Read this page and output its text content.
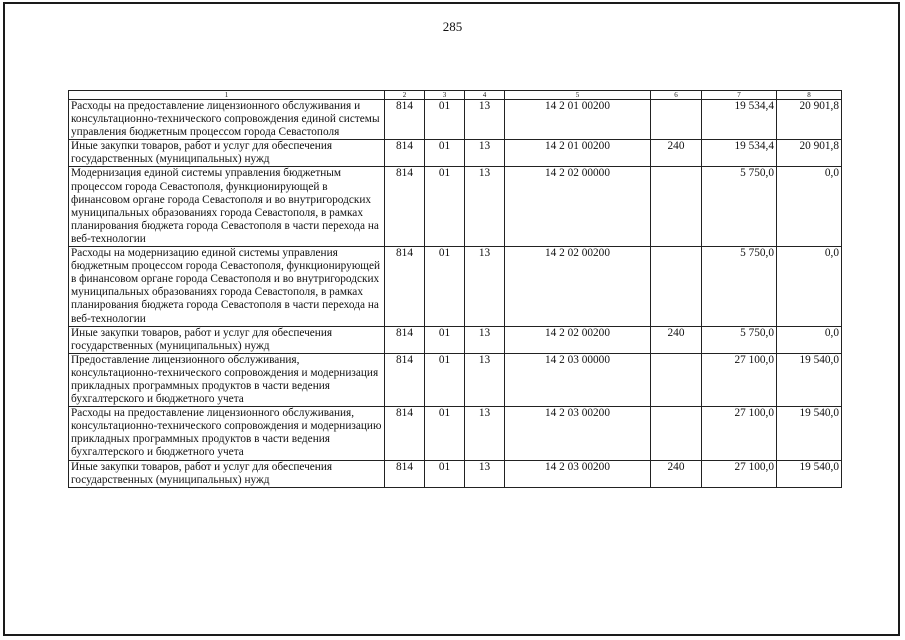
285
1	2	3	4	5	6	7	8
Расходы на предоставление лицензионного обслуживания и консультационно-технического сопровождения единой системы управления бюджетным процессом города Севастополя	814	01	13	14 2 01 00200		19 534,4	20 901,8
Иные закупки товаров, работ и услуг для обеспечения государственных (муниципальных) нужд	814	01	13	14 2 01 00200	240	19 534,4	20 901,8
Модернизация единой системы управления бюджетным процессом города Севастополя, функционирующей в финансовом органе города Севастополя и во внутригородских муниципальных образованиях города Севастополя, в рамках планирования бюджета города Севастополя в части перехода на веб-технологии	814	01	13	14 2 02 00000		5 750,0	0,0
Расходы на модернизацию единой системы управления бюджетным процессом города Севастополя, функционирующей в финансовом органе города Севастополя и во внутригородских муниципальных образованиях города Севастополя, в рамках планирования бюджета города Севастополя в части перехода на веб-технологии	814	01	13	14 2 02 00200		5 750,0	0,0
Иные закупки товаров, работ и услуг для обеспечения государственных (муниципальных) нужд	814	01	13	14 2 02 00200	240	5 750,0	0,0
Предоставление лицензионного обслуживания, консультационно-технического сопровождения и модернизация прикладных программных продуктов в части ведения бухгалтерского и бюджетного учета	814	01	13	14 2 03 00000		27 100,0	19 540,0
Расходы на предоставление лицензионного обслуживания, консультационно-технического сопровождения и модернизацию прикладных программных продуктов в части ведения бухгалтерского и бюджетного учета	814	01	13	14 2 03 00200		27 100,0	19 540,0
Иные закупки товаров, работ и услуг для обеспечения государственных (муниципальных) нужд	814	01	13	14 2 03 00200	240	27 100,0	19 540,0
